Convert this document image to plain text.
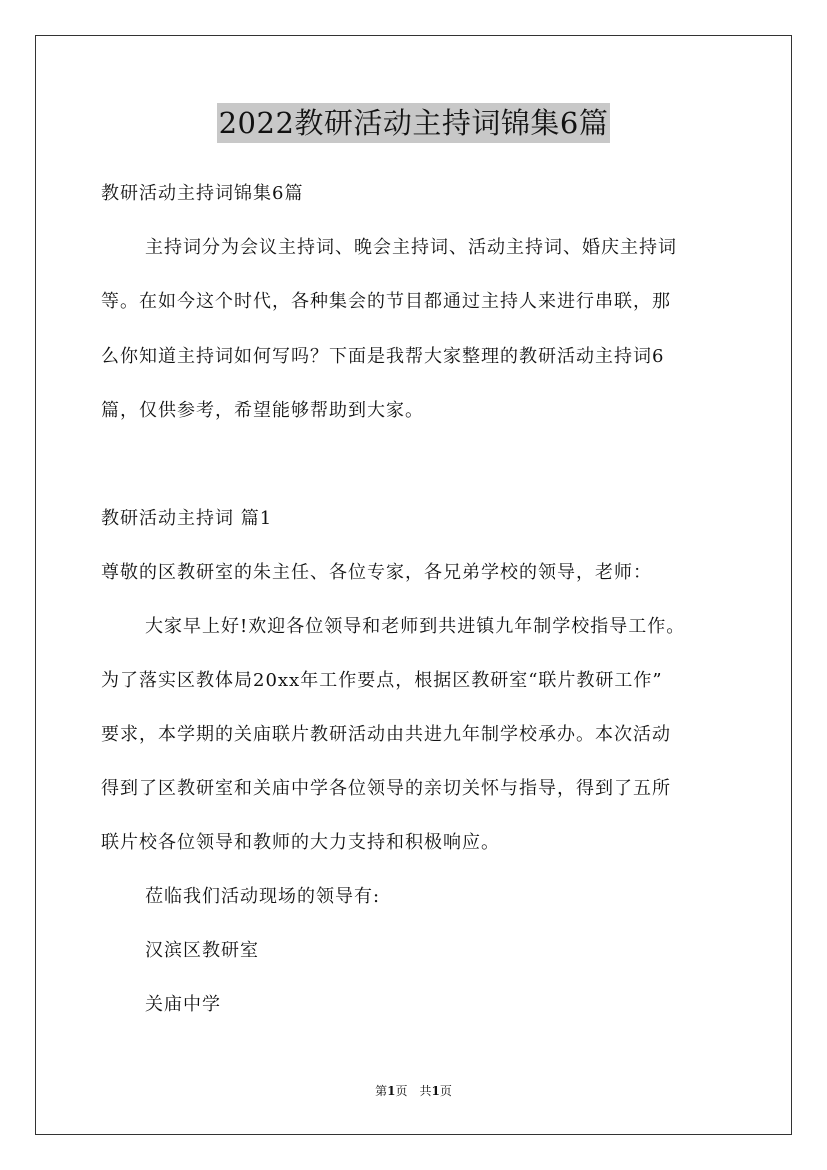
2022教研活动主持词锦集6篇
教研活动主持词锦集6篇
主持词分为会议主持词、晚会主持词、活动主持词、婚庆主持词
等。在如今这个时代，各种集会的节目都通过主持人来进行串联，那
么你知道主持词如何写吗？下面是我帮大家整理的教研活动主持词6
篇，仅供参考，希望能够帮助到大家。
教研活动主持词 篇1
尊敬的区教研室的朱主任、各位专家，各兄弟学校的领导，老师：
大家早上好!欢迎各位领导和老师到共进镇九年制学校指导工作。
为了落实区教体局20xx年工作要点，根据区教研室“联片教研工作”
要求，本学期的关庙联片教研活动由共进九年制学校承办。本次活动
得到了区教研室和关庙中学各位领导的亲切关怀与指导，得到了五所
联片校各位领导和教师的大力支持和积极响应。
莅临我们活动现场的领导有:
汉滨区教研室
关庙中学
第1页　共1页
